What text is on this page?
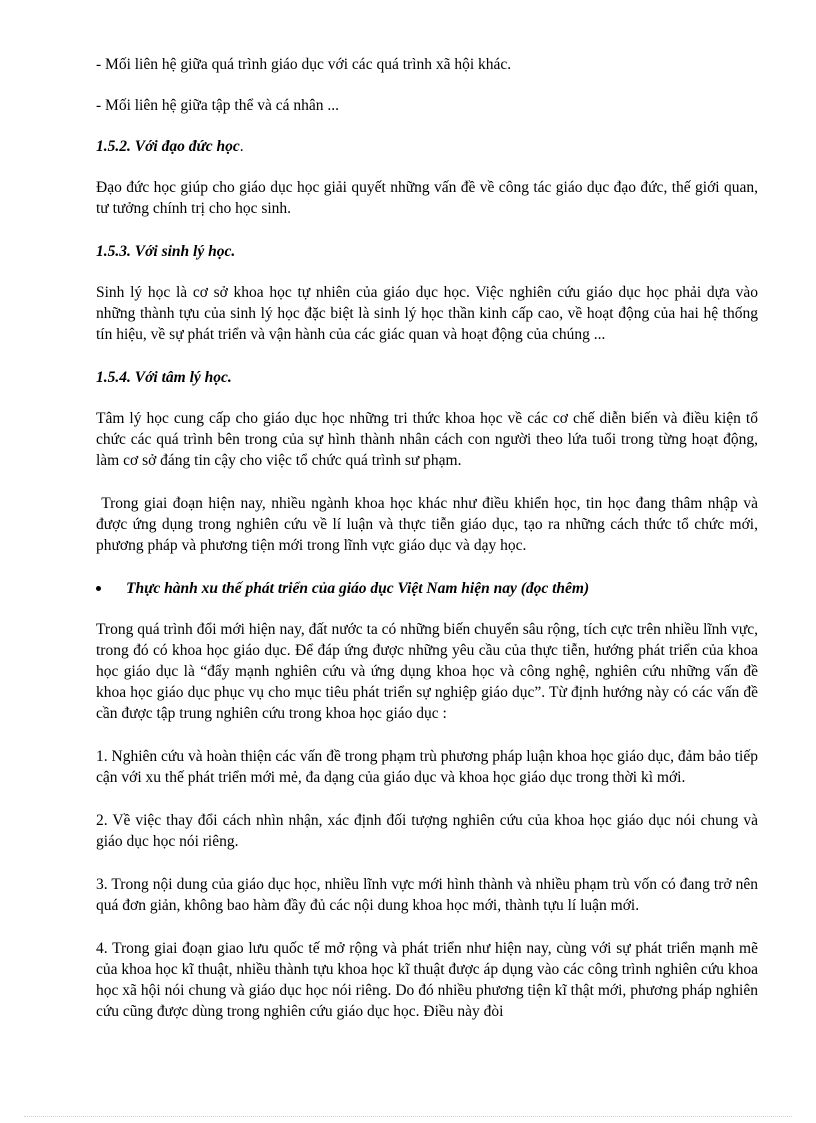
- Mối liên hệ giữa quá trình giáo dục với các quá trình xã hội khác.

- Mối liên hệ giữa tập thể và cá nhân ...

1.5.2. Với đạo đức học.

Đạo đức học giúp cho giáo dục học giải quyết những vấn đề về công tác giáo dục đạo đức, thế giới quan, tư tưởng chính trị cho học sinh.

1.5.3. Với sinh lý học.

Sinh lý học là cơ sở khoa học tự nhiên của giáo dục học. Việc nghiên cứu giáo dục học phải dựa vào những thành tựu của sinh lý học đặc biệt là sinh lý học thần kinh cấp cao, về hoạt động của hai hệ thống tín hiệu, về sự phát triển và vận hành của các giác quan và hoạt động của chúng ...

1.5.4. Với tâm lý học.

Tâm lý học cung cấp cho giáo dục học những tri thức khoa học về các cơ chế diễn biến và điều kiện tổ chức các quá trình bên trong của sự hình thành nhân cách con người theo lứa tuổi trong từng hoạt động, làm cơ sở đáng tin cậy cho việc tổ chức quá trình sư phạm.

Trong giai đoạn hiện nay, nhiều ngành khoa học khác như điều khiển học, tin học đang thâm nhập và được ứng dụng trong nghiên cứu về lí luận và thực tiễn giáo dục, tạo ra những cách thức tổ chức mới, phương pháp và phương tiện mới trong lĩnh vực giáo dục và dạy học.

Thực hành xu thế phát triển của giáo dục Việt Nam hiện nay (đọc thêm)

Trong quá trình đổi mới hiện nay, đất nước ta có những biến chuyển sâu rộng, tích cực trên nhiều lĩnh vực, trong đó có khoa học giáo dục. Để đáp ứng được những yêu cầu của thực tiễn, hướng phát triển của khoa học giáo dục là “đẩy mạnh nghiên cứu và ứng dụng khoa học và công nghệ, nghiên cứu những vấn đề khoa học giáo dục phục vụ cho mục tiêu phát triển sự nghiệp giáo dục”. Từ định hướng này có các vấn đề cần được tập trung nghiên cứu trong khoa học giáo dục :

1. Nghiên cứu và hoàn thiện các vấn đề trong phạm trù phương pháp luận khoa học giáo dục, đảm bảo tiếp cận với xu thế phát triển mới mẻ, đa dạng của giáo dục và khoa học giáo dục trong thời kì mới.

2. Về việc thay đổi cách nhìn nhận, xác định đối tượng nghiên cứu của khoa học giáo dục nói chung và giáo dục học nói riêng.

3. Trong nội dung của giáo dục học, nhiều lĩnh vực mới hình thành và nhiều phạm trù vốn có đang trở nên quá đơn giản, không bao hàm đầy đủ các nội dung khoa học mới, thành tựu lí luận mới.

4. Trong giai đoạn giao lưu quốc tế mở rộng và phát triển như hiện nay, cùng với sự phát triển mạnh mẽ của khoa học kĩ thuật, nhiều thành tựu khoa học kĩ thuật được áp dụng vào các công trình nghiên cứu khoa học xã hội nói chung và giáo dục học nói riêng. Do đó nhiều phương tiện kĩ thật mới, phương pháp nghiên cứu cũng được dùng trong nghiên cứu giáo dục học. Điều này đòi
